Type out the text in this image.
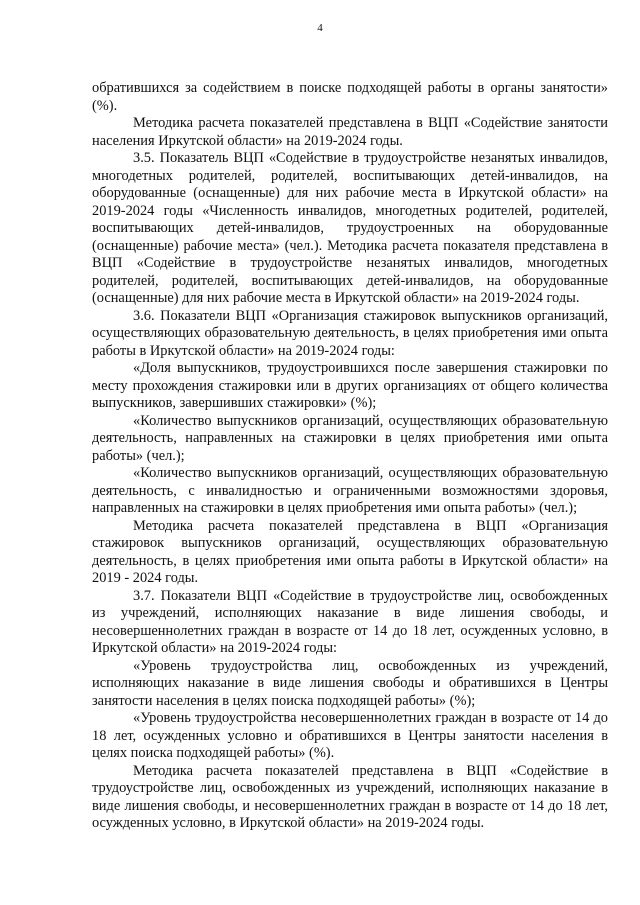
4

обратившихся за содействием в поиске подходящей работы в органы занятости» (%).

Методика расчета показателей представлена в ВЦП «Содействие занятости населения Иркутской области» на 2019-2024 годы.

3.5. Показатель ВЦП «Содействие в трудоустройстве незанятых инвалидов, многодетных родителей, родителей, воспитывающих детей-инвалидов, на оборудованные (оснащенные) для них рабочие места в Иркутской области» на 2019-2024 годы «Численность инвалидов, многодетных родителей, родителей, воспитывающих детей-инвалидов, трудоустроенных на оборудованные (оснащенные) рабочие места» (чел.). Методика расчета показателя представлена в ВЦП «Содействие в трудоустройстве незанятых инвалидов, многодетных родителей, родителей, воспитывающих детей-инвалидов, на оборудованные (оснащенные) для них рабочие места в Иркутской области» на 2019-2024 годы.

3.6. Показатели ВЦП «Организация стажировок выпускников организаций, осуществляющих образовательную деятельность, в целях приобретения ими опыта работы в Иркутской области» на 2019-2024 годы:

«Доля выпускников, трудоустроившихся после завершения стажировки по месту прохождения стажировки или в других организациях от общего количества выпускников, завершивших стажировки» (%);

«Количество выпускников организаций, осуществляющих образовательную деятельность, направленных на стажировки в целях приобретения ими опыта работы» (чел.);

«Количество выпускников организаций, осуществляющих образовательную деятельность, с инвалидностью и ограниченными возможностями здоровья, направленных на стажировки в целях приобретения ими опыта работы» (чел.);

Методика расчета показателей представлена в ВЦП «Организация стажировок выпускников организаций, осуществляющих образовательную деятельность, в целях приобретения ими опыта работы в Иркутской области» на 2019 - 2024 годы.

3.7. Показатели ВЦП «Содействие в трудоустройстве лиц, освобожденных из учреждений, исполняющих наказание в виде лишения свободы, и несовершеннолетних граждан в возрасте от 14 до 18 лет, осужденных условно, в Иркутской области» на 2019-2024 годы:

«Уровень трудоустройства лиц, освобожденных из учреждений, исполняющих наказание в виде лишения свободы и обратившихся в Центры занятости населения в целях поиска подходящей работы» (%);

«Уровень трудоустройства несовершеннолетних граждан в возрасте от 14 до 18 лет, осужденных условно и обратившихся в Центры занятости населения в целях поиска подходящей работы» (%).

Методика расчета показателей представлена в ВЦП «Содействие в трудоустройстве лиц, освобожденных из учреждений, исполняющих наказание в виде лишения свободы, и несовершеннолетних граждан в возрасте от 14 до 18 лет, осужденных условно, в Иркутской области» на 2019-2024 годы.
